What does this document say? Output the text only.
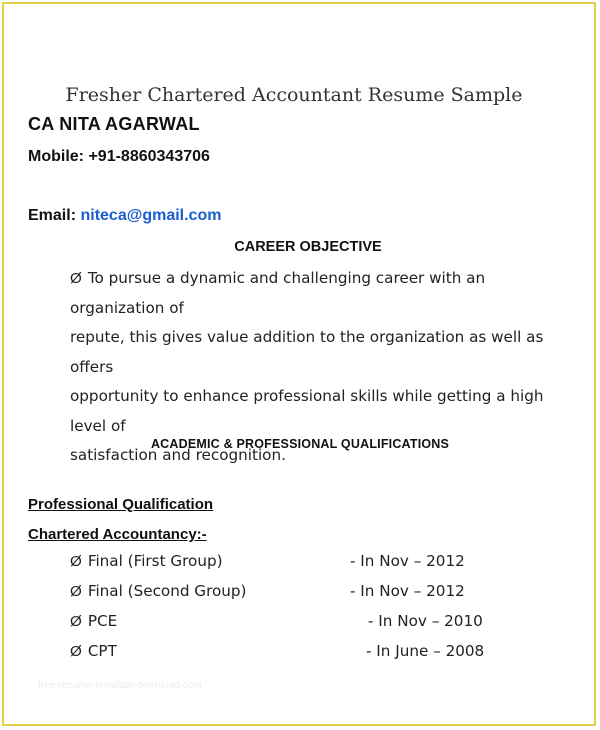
Fresher Chartered Accountant Resume Sample
CA NITA AGARWAL
Mobile: +91-8860343706
Email: niteca@gmail.com
CAREER OBJECTIVE
Ø To pursue a dynamic and challenging career with an organization of
repute, this gives value addition to the organization as well as offers
opportunity to enhance professional skills while getting a high level of
satisfaction and recognition.
ACADEMIC & PROFESSIONAL QUALIFICATIONS
Professional Qualification
Chartered Accountancy:-
Ø Final (First Group)	- In Nov – 2012
Ø Final (Second Group)	- In Nov – 2012
Ø PCE	- In Nov – 2010
Ø CPT	- In June – 2008
free-resume-template-download.com
